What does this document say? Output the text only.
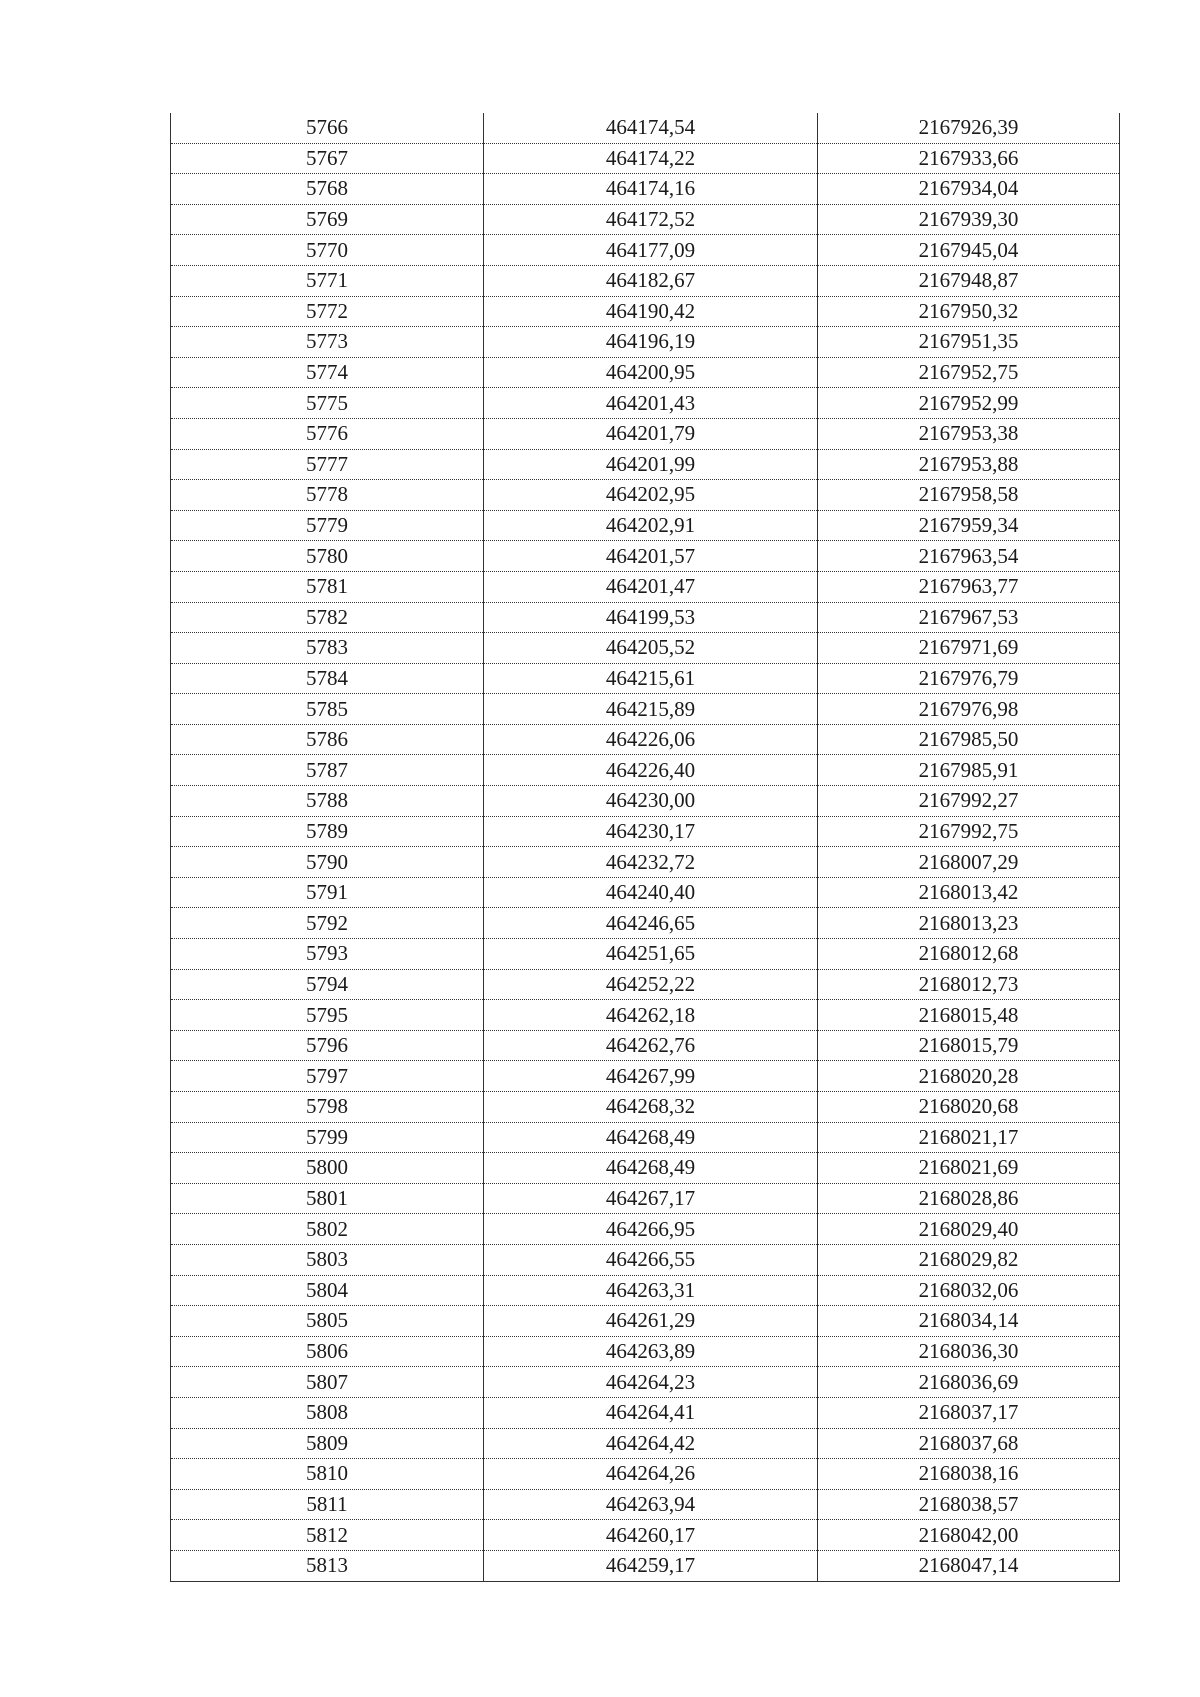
5766	464174,54	2167926,39
5767	464174,22	2167933,66
5768	464174,16	2167934,04
5769	464172,52	2167939,30
5770	464177,09	2167945,04
5771	464182,67	2167948,87
5772	464190,42	2167950,32
5773	464196,19	2167951,35
5774	464200,95	2167952,75
5775	464201,43	2167952,99
5776	464201,79	2167953,38
5777	464201,99	2167953,88
5778	464202,95	2167958,58
5779	464202,91	2167959,34
5780	464201,57	2167963,54
5781	464201,47	2167963,77
5782	464199,53	2167967,53
5783	464205,52	2167971,69
5784	464215,61	2167976,79
5785	464215,89	2167976,98
5786	464226,06	2167985,50
5787	464226,40	2167985,91
5788	464230,00	2167992,27
5789	464230,17	2167992,75
5790	464232,72	2168007,29
5791	464240,40	2168013,42
5792	464246,65	2168013,23
5793	464251,65	2168012,68
5794	464252,22	2168012,73
5795	464262,18	2168015,48
5796	464262,76	2168015,79
5797	464267,99	2168020,28
5798	464268,32	2168020,68
5799	464268,49	2168021,17
5800	464268,49	2168021,69
5801	464267,17	2168028,86
5802	464266,95	2168029,40
5803	464266,55	2168029,82
5804	464263,31	2168032,06
5805	464261,29	2168034,14
5806	464263,89	2168036,30
5807	464264,23	2168036,69
5808	464264,41	2168037,17
5809	464264,42	2168037,68
5810	464264,26	2168038,16
5811	464263,94	2168038,57
5812	464260,17	2168042,00
5813	464259,17	2168047,14
